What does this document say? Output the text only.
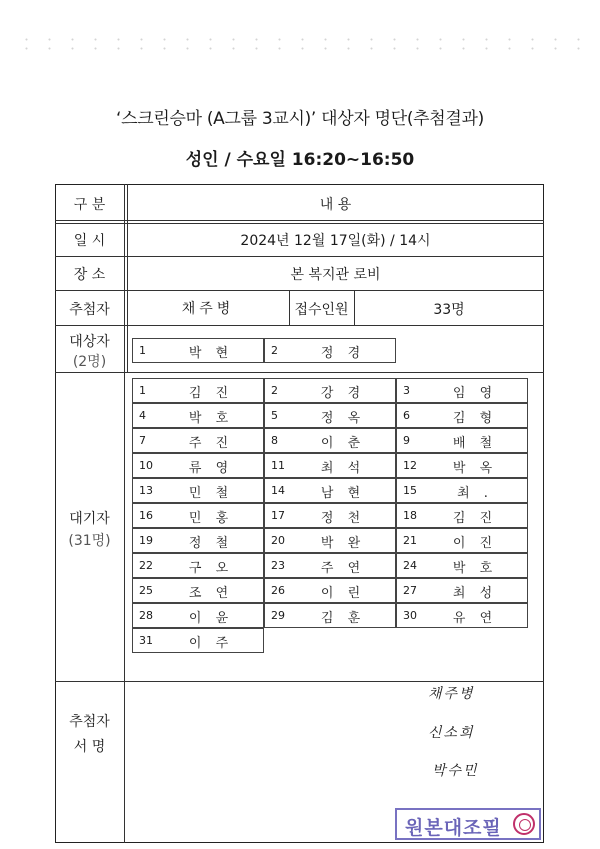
‘스크린승마 (A그룹 3교시)’ 대상자 명단(추첨결과)
성인 / 수요일 16:20~16:50
구 분	내 용
일 시	2024년 12월 17일(화) / 14시
장 소	본 복지관 로비
추첨자	채주병	접수인원	33명
대상자
(2명)
1	박 현	2	정 경
대기자
(31명)
1	김 진	2	강 경	3	임 영
4	박 호	5	정 옥	6	김 형
7	주 진	8	이 춘	9	배 철
10	류 영	11	최 석	12	박 옥
13	민 철	14	남 현	15	최 .
16	민 홍	17	정 천	18	김 진
19	정 철	20	박 완	21	이 진
22	구 오	23	주 연	24	박 호
25	조 연	26	이 린	27	최 성
28	이 윤	29	김 훈	30	유 연
31	이 주
추첨자
서 명
채주병
신소희
박수민
원본대조필
